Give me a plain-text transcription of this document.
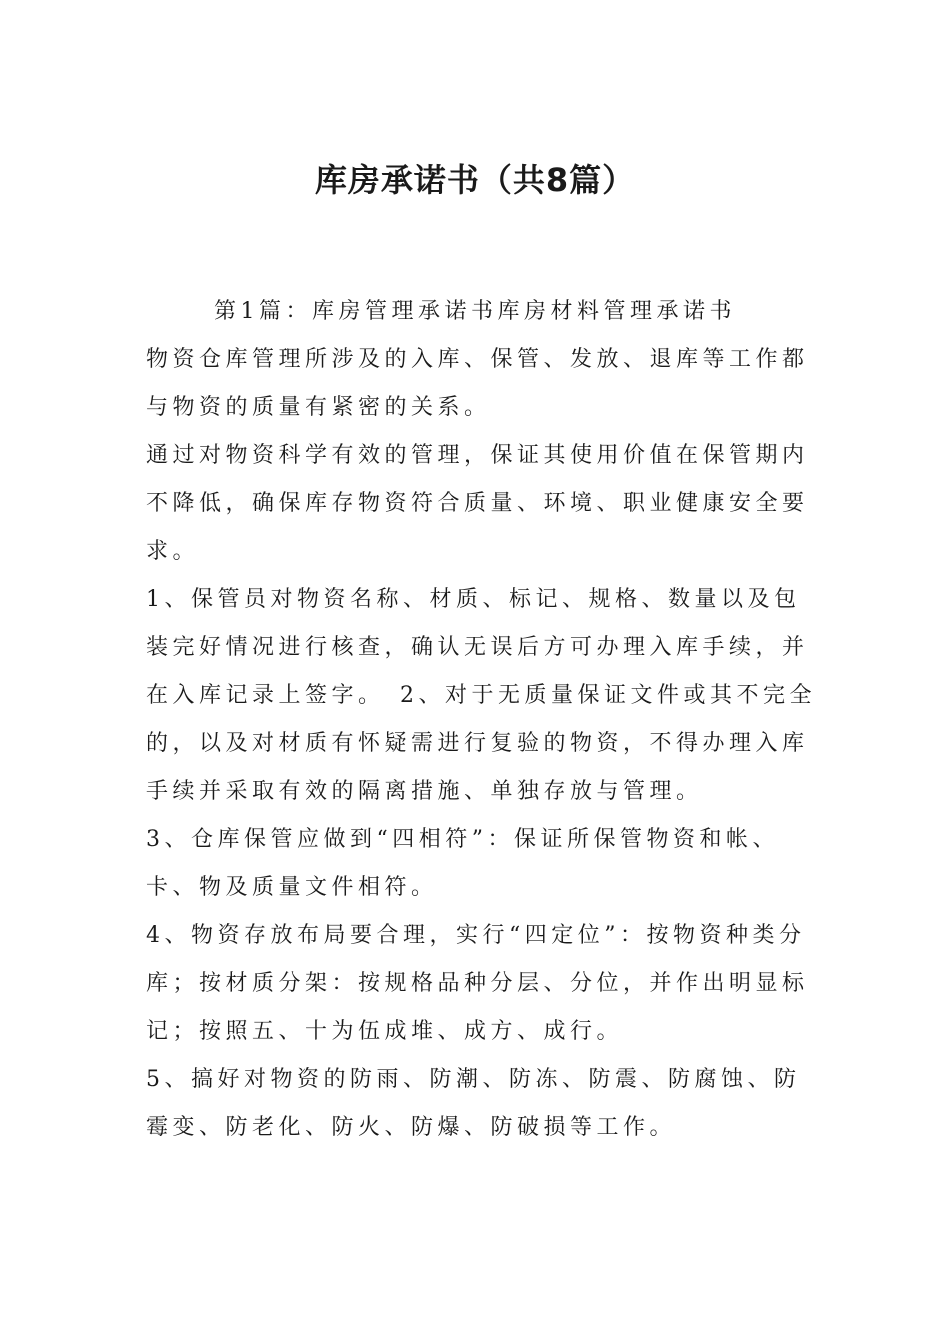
库房承诺书（共8篇）

第1篇：库房管理承诺书库房材料管理承诺书

物资仓库管理所涉及的入库、保管、发放、退库等工作都与物资的质量有紧密的关系。

通过对物资科学有效的管理，保证其使用价值在保管期内不降低，确保库存物资符合质量、环境、职业健康安全要求。

1、保管员对物资名称、材质、标记、规格、数量以及包装完好情况进行核查，确认无误后方可办理入库手续，并在入库记录上签字。　2、对于无质量保证文件或其不完全的，以及对材质有怀疑需进行复验的物资，不得办理入库手续并采取有效的隔离措施、单独存放与管理。

3、仓库保管应做到“四相符”：保证所保管物资和帐、卡、物及质量文件相符。

4、物资存放布局要合理，实行“四定位”：按物资种类分库；按材质分架：按规格品种分层、分位，并作出明显标记；按照五、十为伍成堆、成方、成行。

5、搞好对物资的防雨、防潮、防冻、防震、防腐蚀、防霉变、防老化、防火、防爆、防破损等工作。
